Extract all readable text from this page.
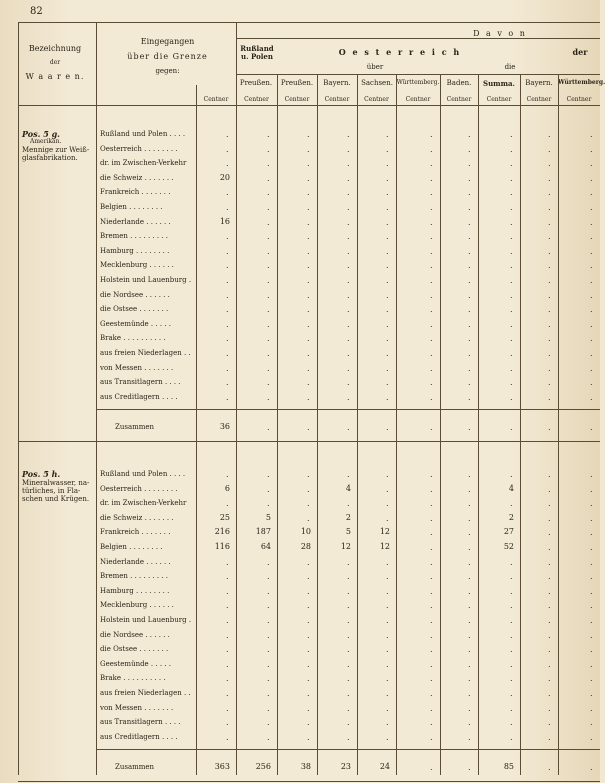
82
Bezeichnung
der
W a a r e n.
Eingegangen
über die Grenze
gegen:
D a v o n
Rußland
u. Polen	O e s t e r r e i c h	der
über	die
Preußen.	Preußen.	Bayern.	Sachsen. Württemberg.	Baden.	Summa.	Bayern. Württemberg.
Centner	Centner	Centner	Centner	Centner	Centner	Centner	Centner	Centner	Centner
Pos. 5 g.
Amerikan.
Mennige zur Weiß-
glasfabrikation.
Rußland und Polen . . . .	.	.	.	.	.	.	.	.	.	.
Oesterreich . . . . . . . .	.	.	.	.	.	.	.	.	.	.
dr. im Zwischen-Verkehr	.	.	.	.	.	.	.	.	.	.
die Schweiz . . . . . . .	20	.	.	.	.	.	.	.	.	.
Frankreich . . . . . . .	.	.	.	.	.	.	.	.	.	.
Belgien . . . . . . . .	.	.	.	.	.	.	.	.	.	.
Niederlande . . . . . .	16	.	.	.	.	.	.	.	.	.
Bremen . . . . . . . . .	.	.	.	.	.	.	.	.	.	.
Hamburg . . . . . . . .	.	.	.	.	.	.	.	.	.	.
Mecklenburg . . . . . .	.	.	.	.	.	.	.	.	.	.
Holstein und Lauenburg .	.	.	.	.	.	.	.	.	.	.
die Nordsee . . . . . .	.	.	.	.	.	.	.	.	.	.
die Ostsee . . . . . . .	.	.	.	.	.	.	.	.	.	.
Geestemünde . . . . .	.	.	.	.	.	.	.	.	.	.
Brake . . . . . . . . . .	.	.	.	.	.	.	.	.	.	.
aus freien Niederlagen . .	.	.	.	.	.	.	.	.	.	.
von Messen . . . . . . .	.	.	.	.	.	.	.	.	.	.
aus Transitlagern . . . .	.	.	.	.	.	.	.	.	.	.
aus Creditlagern . . . .	.	.	.	.	.	.	.	.	.	.
Zusammen	36	.	.	.	.	.	.	.	.	.
Pos. 5 h.
Mineralwasser, na-
türliches, in Fla-
schen und Krügen.
Rußland und Polen . . . .	.	.	.	.	.	.	.	.	.	.
Oesterreich . . . . . . . .	6	.	.	4	.	.	.	4	.	.
dr. im Zwischen-Verkehr	.	.	.	.	.	.	.	.	.	.
die Schweiz . . . . . . .	25	5	.	2	.	.	.	2	.	.
Frankreich . . . . . . .	216	187	10	5	12	.	.	27	.	.
Belgien . . . . . . . .	116	64	28	12	12	.	.	52	.	.
Niederlande . . . . . .	.	.	.	.	.	.	.	.	.	.
Bremen . . . . . . . . .	.	.	.	.	.	.	.	.	.	.
Hamburg . . . . . . . .	.	.	.	.	.	.	.	.	.	.
Mecklenburg . . . . . .	.	.	.	.	.	.	.	.	.	.
Holstein und Lauenburg .	.	.	.	.	.	.	.	.	.	.
die Nordsee . . . . . .	.	.	.	.	.	.	.	.	.	.
die Ostsee . . . . . . .	.	.	.	.	.	.	.	.	.	.
Geestemünde . . . . .	.	.	.	.	.	.	.	.	.	.
Brake . . . . . . . . . .	.	.	.	.	.	.	.	.	.	.
aus freien Niederlagen . .	.	.	.	.	.	.	.	.	.	.
von Messen . . . . . . .	.	.	.	.	.	.	.	.	.	.
aus Transitlagern . . . .	.	.	.	.	.	.	.	.	.	.
aus Creditlagern . . . .	.	.	.	.	.	.	.	.	.	.
Zusammen	363	256	38	23	24	.	.	85	.	.
